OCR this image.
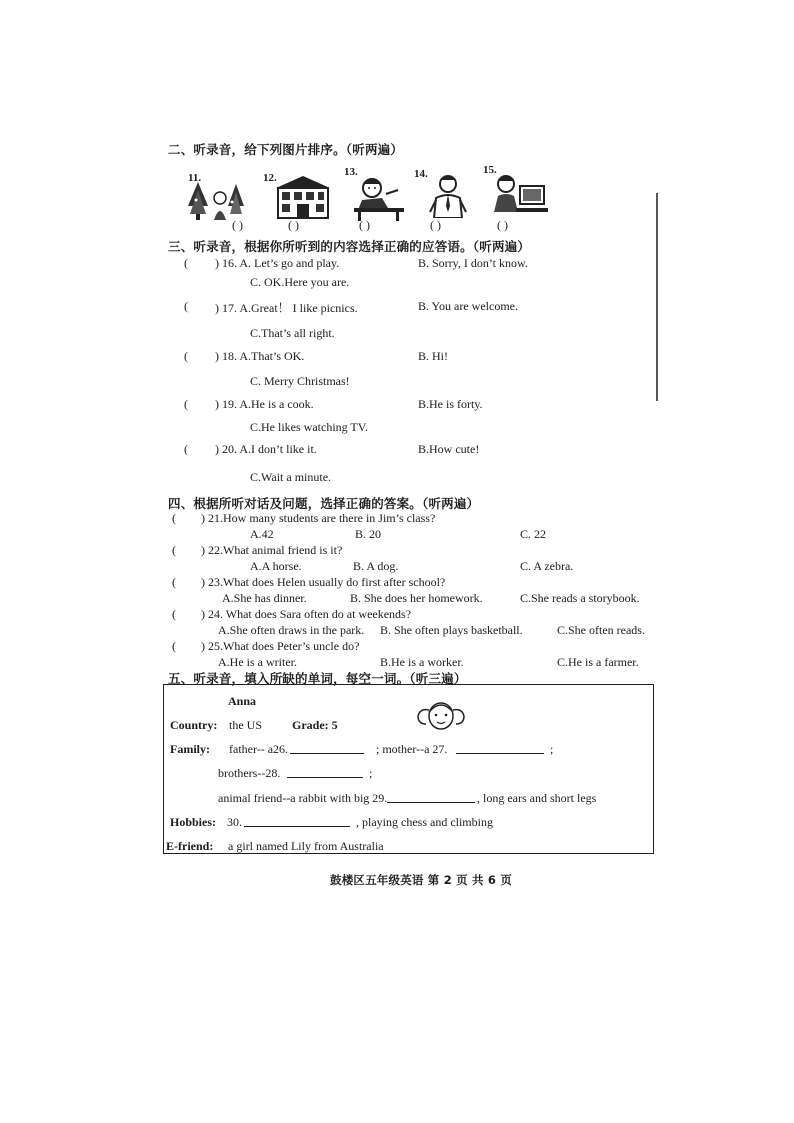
二、听录音，给下列图片排序。（听两遍）
11.	12.	13.	14.	15.
( )	( )	( )	( )	( )
三、听录音，根据你所听到的内容选择正确的应答语。（听两遍）
( ) 16. A. Let’s go and play.	B. Sorry, I don’t know.
C. OK.Here you are.
( ) 17. A.Great！ I like picnics.	B. You are welcome.
C.That’s all right.
( ) 18. A.That’s OK.	B. Hi!
C. Merry Christmas!
( ) 19. A.He is a cook.	B.He is forty.
C.He likes watching TV.
( ) 20. A.I don’t like it.	B.How cute!
C.Wait a minute.
四、根据所听对话及问题，选择正确的答案。（听两遍）
( ) 21.How many students are there in Jim’s class?
A.42	B. 20	C. 22
( ) 22.What animal friend is it?
A.A horse.	B. A dog.	C. A zebra.
( ) 23.What does Helen usually do first after school?
A.She has dinner.	B. She does her homework.	C.She reads a storybook.
( ) 24. What does Sara often do at weekends?
A.She often draws in the park. B. She often plays basketball.	C.She often reads.
( ) 25.What does Peter’s uncle do?
A.He is a writer.	B.He is a worker.	C.He is a farmer.
五、听录音，填入所缺的单词，每空一词。（听三遍）
Anna
Country: the US	Grade: 5
Family: father-- a26.	; mother--a 27.	;
brothers--28.	;
animal friend--a rabbit with big 29.	, long ears and short legs
Hobbies: 30.	, playing chess and climbing
E-friend: a girl named Lily from Australia
鼓楼区五年级英语 第 2 页 共 6 页
